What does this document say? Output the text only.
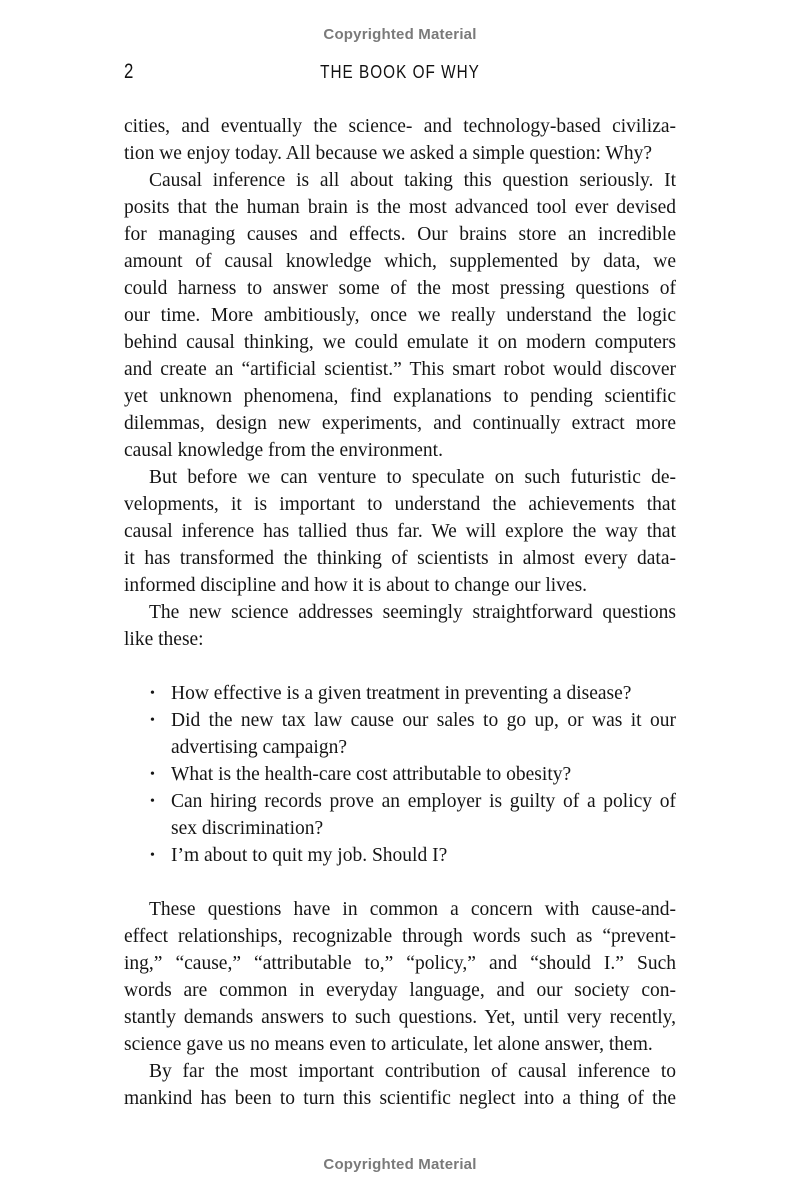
Copyrighted Material
2	THE BOOK OF WHY
cities, and eventually the science- and technology-based civiliza-
tion we enjoy today. All because we asked a simple question: Why?
Causal inference is all about taking this question seriously. It
posits that the human brain is the most advanced tool ever devised
for managing causes and effects. Our brains store an incredible
amount of causal knowledge which, supplemented by data, we
could harness to answer some of the most pressing questions of
our time. More ambitiously, once we really understand the logic
behind causal thinking, we could emulate it on modern computers
and create an “artificial scientist.” This smart robot would discover
yet unknown phenomena, find explanations to pending scientific
dilemmas, design new experiments, and continually extract more
causal knowledge from the environment.
But before we can venture to speculate on such futuristic de-
velopments, it is important to understand the achievements that
causal inference has tallied thus far. We will explore the way that
it has transformed the thinking of scientists in almost every data-
informed discipline and how it is about to change our lives.
The new science addresses seemingly straightforward questions
like these:
• How effective is a given treatment in preventing a disease?
• Did the new tax law cause our sales to go up, or was it our
advertising campaign?
• What is the health-care cost attributable to obesity?
• Can hiring records prove an employer is guilty of a policy of
sex discrimination?
• I’m about to quit my job. Should I?
These questions have in common a concern with cause-and-
effect relationships, recognizable through words such as “prevent-
ing,” “cause,” “attributable to,” “policy,” and “should I.” Such
words are common in everyday language, and our society con-
stantly demands answers to such questions. Yet, until very recently,
science gave us no means even to articulate, let alone answer, them.
By far the most important contribution of causal inference to
mankind has been to turn this scientific neglect into a thing of the
Copyrighted Material
